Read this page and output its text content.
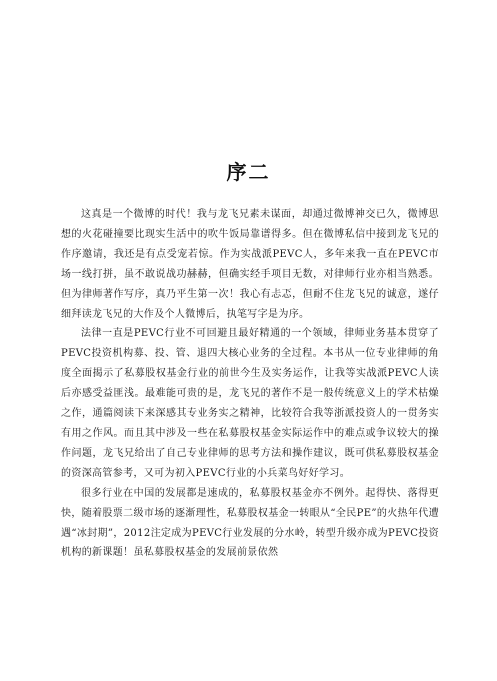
序二

这真是一个微博的时代！我与龙飞兄素未谋面，却通过微博神交已久，微博思想的火花碰撞要比现实生活中的吹牛饭局靠谱得多。但在微博私信中接到龙飞兄的作序邀请，我还是有点受宠若惊。作为实战派PEVC人，多年来我一直在PEVC市场一线打拼，虽不敢说战功赫赫，但确实经手项目无数，对律师行业亦相当熟悉。但为律师著作写序，真乃平生第一次！我心有忐忑，但耐不住龙飞兄的诚意，遂仔细拜读龙飞兄的大作及个人微博后，执笔写字是为序。

法律一直是PEVC行业不可回避且最好精通的一个领域，律师业务基本贯穿了PEVC投资机构募、投、管、退四大核心业务的全过程。本书从一位专业律师的角度全面揭示了私募股权基金行业的前世今生及实务运作，让我等实战派PEVC人读后亦感受益匪浅。最难能可贵的是，龙飞兄的著作不是一般传统意义上的学术枯燥之作，通篇阅读下来深感其专业务实之精神，比较符合我等浙派投资人的一贯务实有用之作风。而且其中涉及一些在私募股权基金实际运作中的难点或争议较大的操作问题，龙飞兄给出了自己专业律师的思考方法和操作建议，既可供私募股权基金的资深高管参考，又可为初入PEVC行业的小兵菜鸟好好学习。

很多行业在中国的发展都是速成的，私募股权基金亦不例外。起得快、落得更快，随着股票二级市场的逐渐理性，私募股权基金一转眼从“全民PE”的火热年代遭遇“冰封期”，2012注定成为PEVC行业发展的分水岭，转型升级亦成为PEVC投资机构的新课题！虽私募股权基金的发展前景依然
